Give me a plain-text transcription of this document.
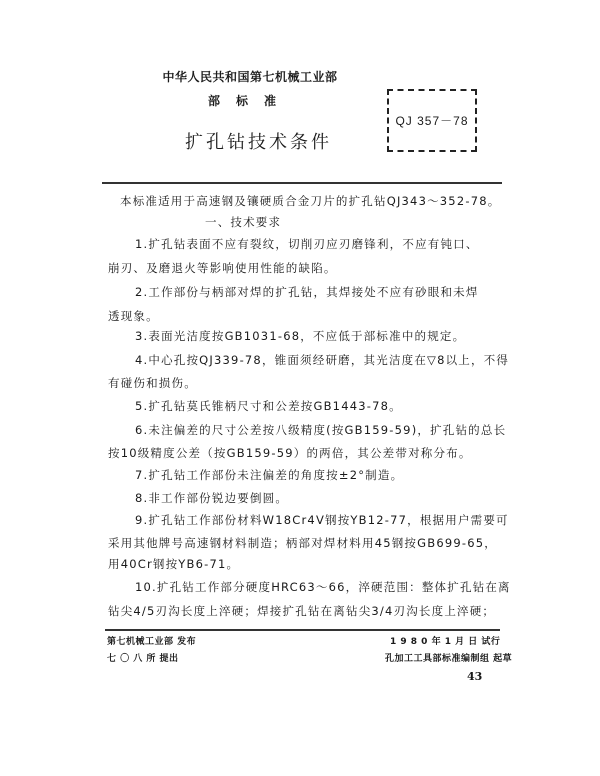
中华人民共和国第七机械工业部
部标准
扩孔钻技术条件
QJ 357－78
本标准适用于高速钢及镶硬质合金刀片的扩孔钻QJ343～352-78。
一、技术要求
1.扩孔钻表面不应有裂纹，切削刃应刃磨锋利，不应有钝口、
崩刃、及磨退火等影响使用性能的缺陷。
2.工作部份与柄部对焊的扩孔钻，其焊接处不应有砂眼和未焊
透现象。
3.表面光洁度按GB1031-68，不应低于部标准中的规定。
4.中心孔按QJ339-78，锥面须经研磨，其光洁度在▽8以上，不得
有碰伤和损伤。
5.扩孔钻莫氏锥柄尺寸和公差按GB1443-78。
6.未注偏差的尺寸公差按八级精度(按GB159-59)，扩孔钻的总长
按10级精度公差（按GB159-59）的两倍，其公差带对称分布。
7.扩孔钻工作部份未注偏差的角度按±2°制造。
8.非工作部份锐边要倒圆。
9.扩孔钻工作部份材料W18Cr4V钢按YB12-77，根据用户需要可
采用其他牌号高速钢材料制造；柄部对焊材料用45钢按GB699-65，
用40Cr钢按YB6-71。
10.扩孔钻工作部分硬度HRC63～66，淬硬范围：整体扩孔钻在离
钻尖4/5刃沟长度上淬硬；焊接扩孔钻在离钻尖3/4刃沟长度上淬硬；
第七机械工业部 发布
七 〇 八 所 提出
1 9 8 0 年 1 月 日 试行
孔加工工具部标准编制组 起草
43
